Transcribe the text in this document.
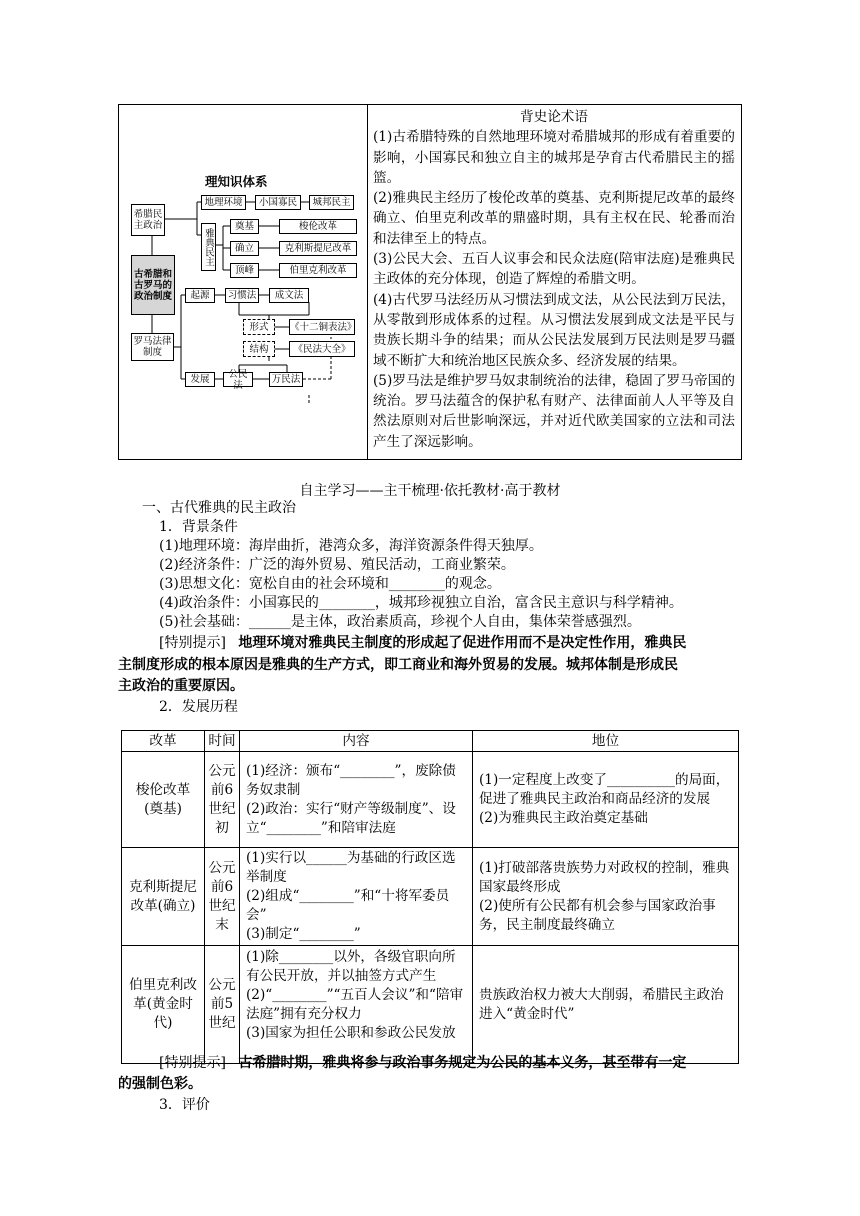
理知识体系
希腊民主政治
地理环境 小国寡民 城邦民主
雅典民主
奠基	梭伦改革
确立	克利斯提尼改革
顶峰	伯里克利改革
古希腊和古罗马的政治制度
罗马法律制度
起源 习惯法 成文法
形式 《十二铜表法》
结构	《民法大全》
发展	公民法	万民法
背史论术语

(1)古希腊特殊的自然地理环境对希腊城邦的形成有着重要的影响，小国寡民和独立自主的城邦是孕育古代希腊民主的摇篮。

(2)雅典民主经历了梭伦改革的奠基、克利斯提尼改革的最终确立、伯里克利改革的鼎盛时期，具有主权在民、轮番而治和法律至上的特点。

(3)公民大会、五百人议事会和民众法庭(陪审法庭)是雅典民主政体的充分体现，创造了辉煌的希腊文明。

(4)古代罗马法经历从习惯法到成文法，从公民法到万民法，从零散到形成体系的过程。从习惯法发展到成文法是平民与贵族长期斗争的结果；而从公民法发展到万民法则是罗马疆域不断扩大和统治地区民族众多、经济发展的结果。

(5)罗马法是维护罗马奴隶制统治的法律，稳固了罗马帝国的统治。罗马法蕴含的保护私有财产、法律面前人人平等及自然法原则对后世影响深远，并对近代欧美国家的立法和司法产生了深远影响。

自主学习——主干梳理·依托教材·高于教材
一、古代雅典的民主政治
1．背景条件
(1)地理环境：海岸曲折，港湾众多，海洋资源条件得天独厚。
(2)经济条件：广泛的海外贸易、殖民活动，工商业繁荣。
(3)思想文化：宽松自由的社会环境和________的观念。
(4)政治条件：小国寡民的________，城邦珍视独立自治，富含民主意识与科学精神。
(5)社会基础：______是主体，政治素质高，珍视个人自由，集体荣誉感强烈。
[特别提示] 地理环境对雅典民主制度的形成起了促进作用而不是决定性作用，雅典民
主制度形成的根本原因是雅典的生产方式，即工商业和海外贸易的发展。城邦体制是形成民
主政治的重要原因。
2．发展历程
改革	时间	内容	地位
梭伦改革(奠基)	公元前6世纪初	(1)经济：颁布“________”，废除债务奴隶制
(2)政治：实行“财产等级制度”、设立“________”和陪审法庭	(1)一定程度上改变了__________的局面，促进了雅典民主政治和商品经济的发展
(2)为雅典民主政治奠定基础
克利斯提尼改革(确立)	公元前6世纪末	(1)实行以______为基础的行政区选举制度
(2)组成“________”和“十将军委员会”
(3)制定“________”	(1)打破部落贵族势力对政权的控制，雅典国家最终形成
(2)使所有公民都有机会参与国家政治事务，民主制度最终确立
伯里克利改革(黄金时代)	公元前5世纪	(1)除________以外，各级官职向所有公民开放，并以抽签方式产生
(2)“________”“五百人会议”和“陪审法庭”拥有充分权力
(3)国家为担任公职和参政公民发放________	贵族政治权力被大大削弱，希腊民主政治进入“黄金时代”
[特别提示] 古希腊时期，雅典将参与政治事务规定为公民的基本义务，甚至带有一定
的强制色彩。
3．评价
